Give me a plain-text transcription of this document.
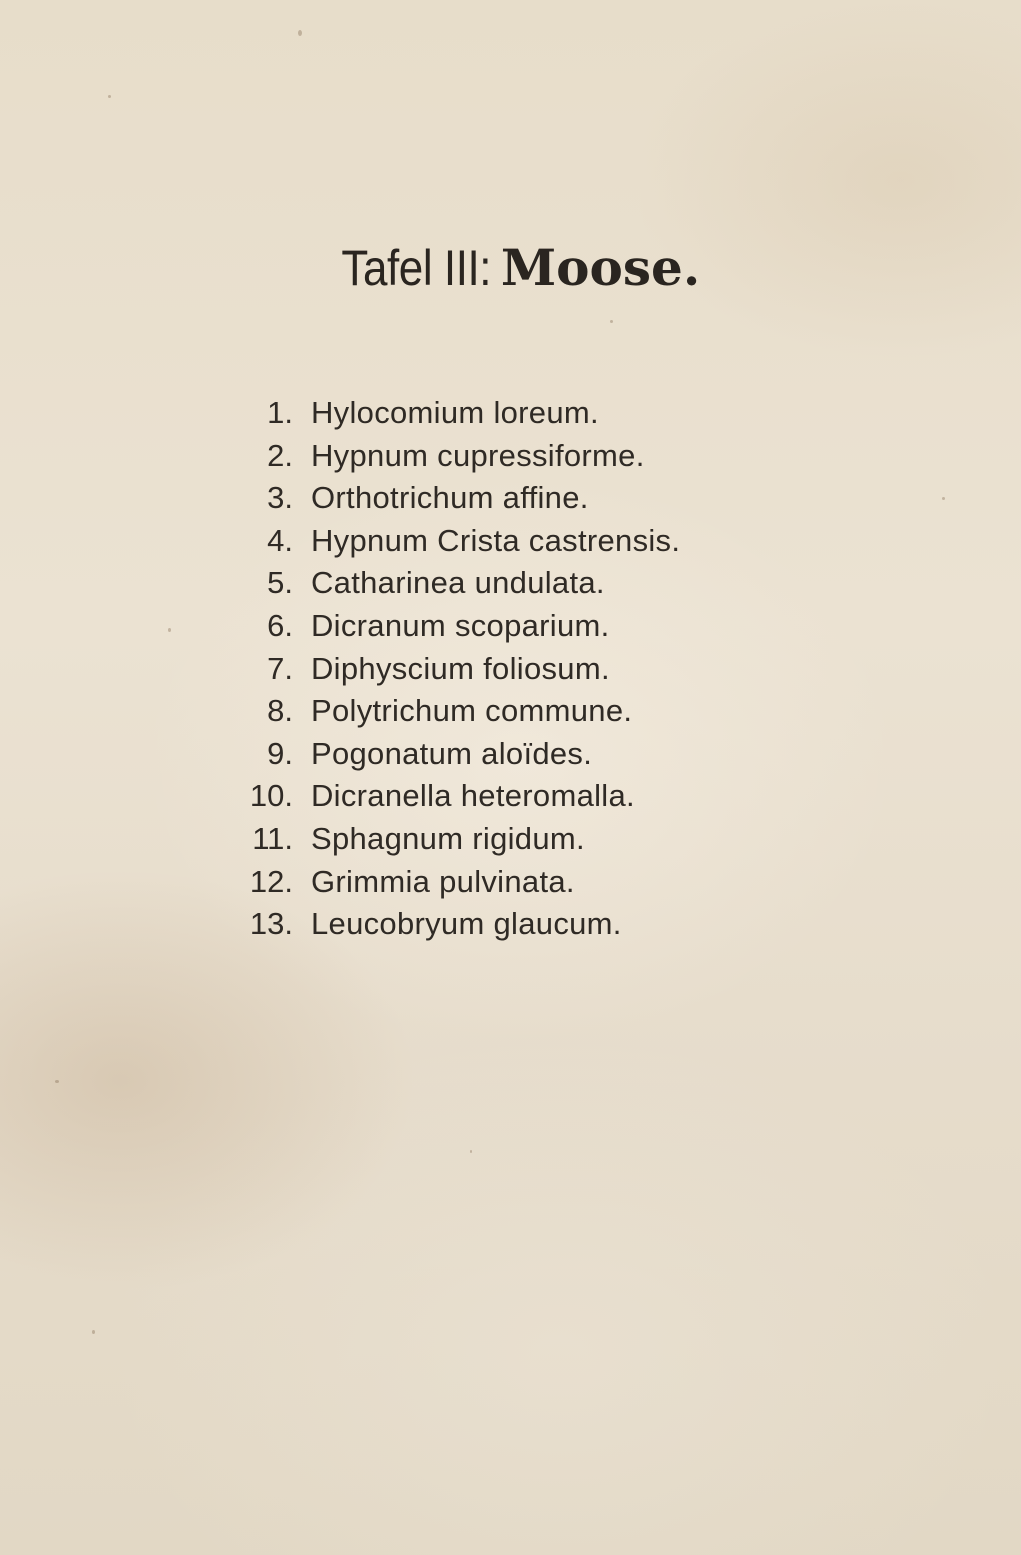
Tafel III: Moose.
1. Hylocomium loreum.
2. Hypnum cupressiforme.
3. Orthotrichum affine.
4. Hypnum Crista castrensis.
5. Catharinea undulata.
6. Dicranum scoparium.
7. Diphyscium foliosum.
8. Polytrichum commune.
9. Pogonatum aloïdes.
10. Dicranella heteromalla.
11. Sphagnum rigidum.
12. Grimmia pulvinata.
13. Leucobryum glaucum.
